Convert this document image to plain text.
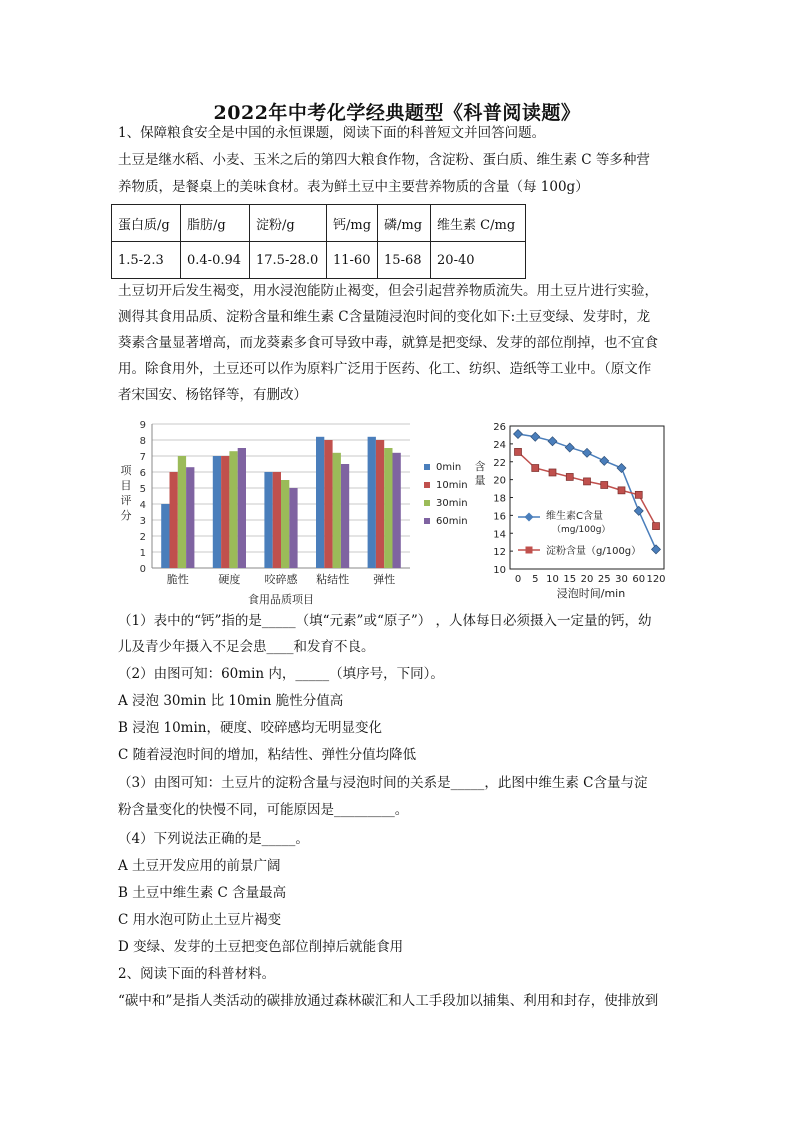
2022年中考化学经典题型《科普阅读题》
1、保障粮食安全是中国的永恒课题，阅读下面的科普短文并回答问题。
土豆是继水稻、小麦、玉米之后的第四大粮食作物，含淀粉、蛋白质、维生素 C 等多种营
养物质，是餐桌上的美味食材。表为鲜土豆中主要营养物质的含量（每 100g）
蛋白质/g	脂肪/g	淀粉/g	钙/mg	磷/mg	维生素 C/mg
1.5-2.3	0.4-0.94	17.5-28.0	11-60	15-68	20-40
土豆切开后发生褐变，用水浸泡能防止褐变，但会引起营养物质流失。用土豆片进行实验，
测得其食用品质、淀粉含量和维生素 C含量随浸泡时间的变化如下:土豆变绿、发芽时，龙
葵素含量显著增高，而龙葵素多食可导致中毒，就算是把变绿、发芽的部位削掉，也不宜食
用。除食用外，土豆还可以作为原料广泛用于医药、化工、纺织、造纸等工业中。（原文作
者宋国安、杨铭铎等，有删改）
0
1
2
3
4
5
6
7
8
9
脆性	硬度 咬碎感 粘结性 弹性
项
目
评
分
食用品质项目
0min
10min
30min
60min
10
12
14
16
18
20
22
24
26
0 5 10 15 20 25 30 60 120
维生素C含量
（mg/100g）
淀粉含量（g/100g）
含
量
浸泡时间/min
（1）表中的“钙”指的是_____（填“元素”或“原子”） ，人体每日必须摄入一定量的钙，幼
儿及青少年摄入不足会患____和发育不良。
（2）由图可知：60min 内，_____（填序号，下同）。
A 浸泡 30min 比 10min 脆性分值高
B 浸泡 10min，硬度、咬碎感均无明显变化
C 随着浸泡时间的增加，粘结性、弹性分值均降低
（3）由图可知：土豆片的淀粉含量与浸泡时间的关系是_____，此图中维生素 C含量与淀
粉含量变化的快慢不同，可能原因是_________。
（4）下列说法正确的是_____。
A 土豆开发应用的前景广阔
B 土豆中维生素 C 含量最高
C 用水泡可防止土豆片褐变
D 变绿、发芽的土豆把变色部位削掉后就能食用
2、阅读下面的科普材料。
“碳中和”是指人类活动的碳排放通过森林碳汇和人工手段加以捕集、利用和封存，使排放到
